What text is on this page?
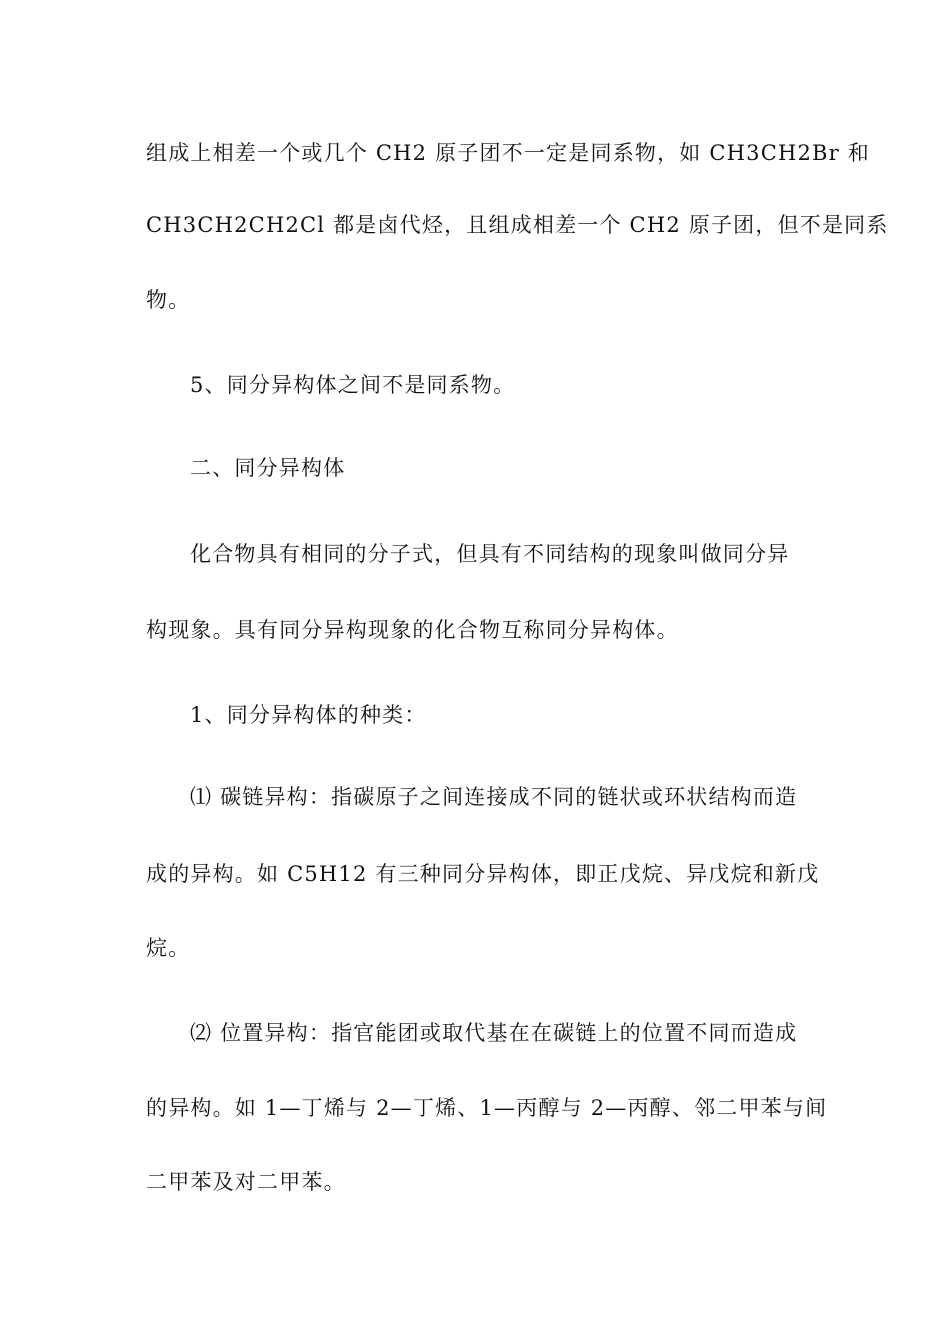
组成上相差一个或几个 CH2 原子团不一定是同系物，如 CH3CH2Br 和
CH3CH2CH2Cl 都是卤代烃，且组成相差一个 CH2 原子团，但不是同系
物。
5、同分异构体之间不是同系物。
二、同分异构体
化合物具有相同的分子式，但具有不同结构的现象叫做同分异
构现象。具有同分异构现象的化合物互称同分异构体。
1、同分异构体的种类：
⑴ 碳链异构：指碳原子之间连接成不同的链状或环状结构而造
成的异构。如 C5H12 有三种同分异构体，即正戊烷、异戊烷和新戊
烷。
⑵ 位置异构：指官能团或取代基在在碳链上的位置不同而造成
的异构。如 1—丁烯与 2—丁烯、1—丙醇与 2—丙醇、邻二甲苯与间
二甲苯及对二甲苯。
